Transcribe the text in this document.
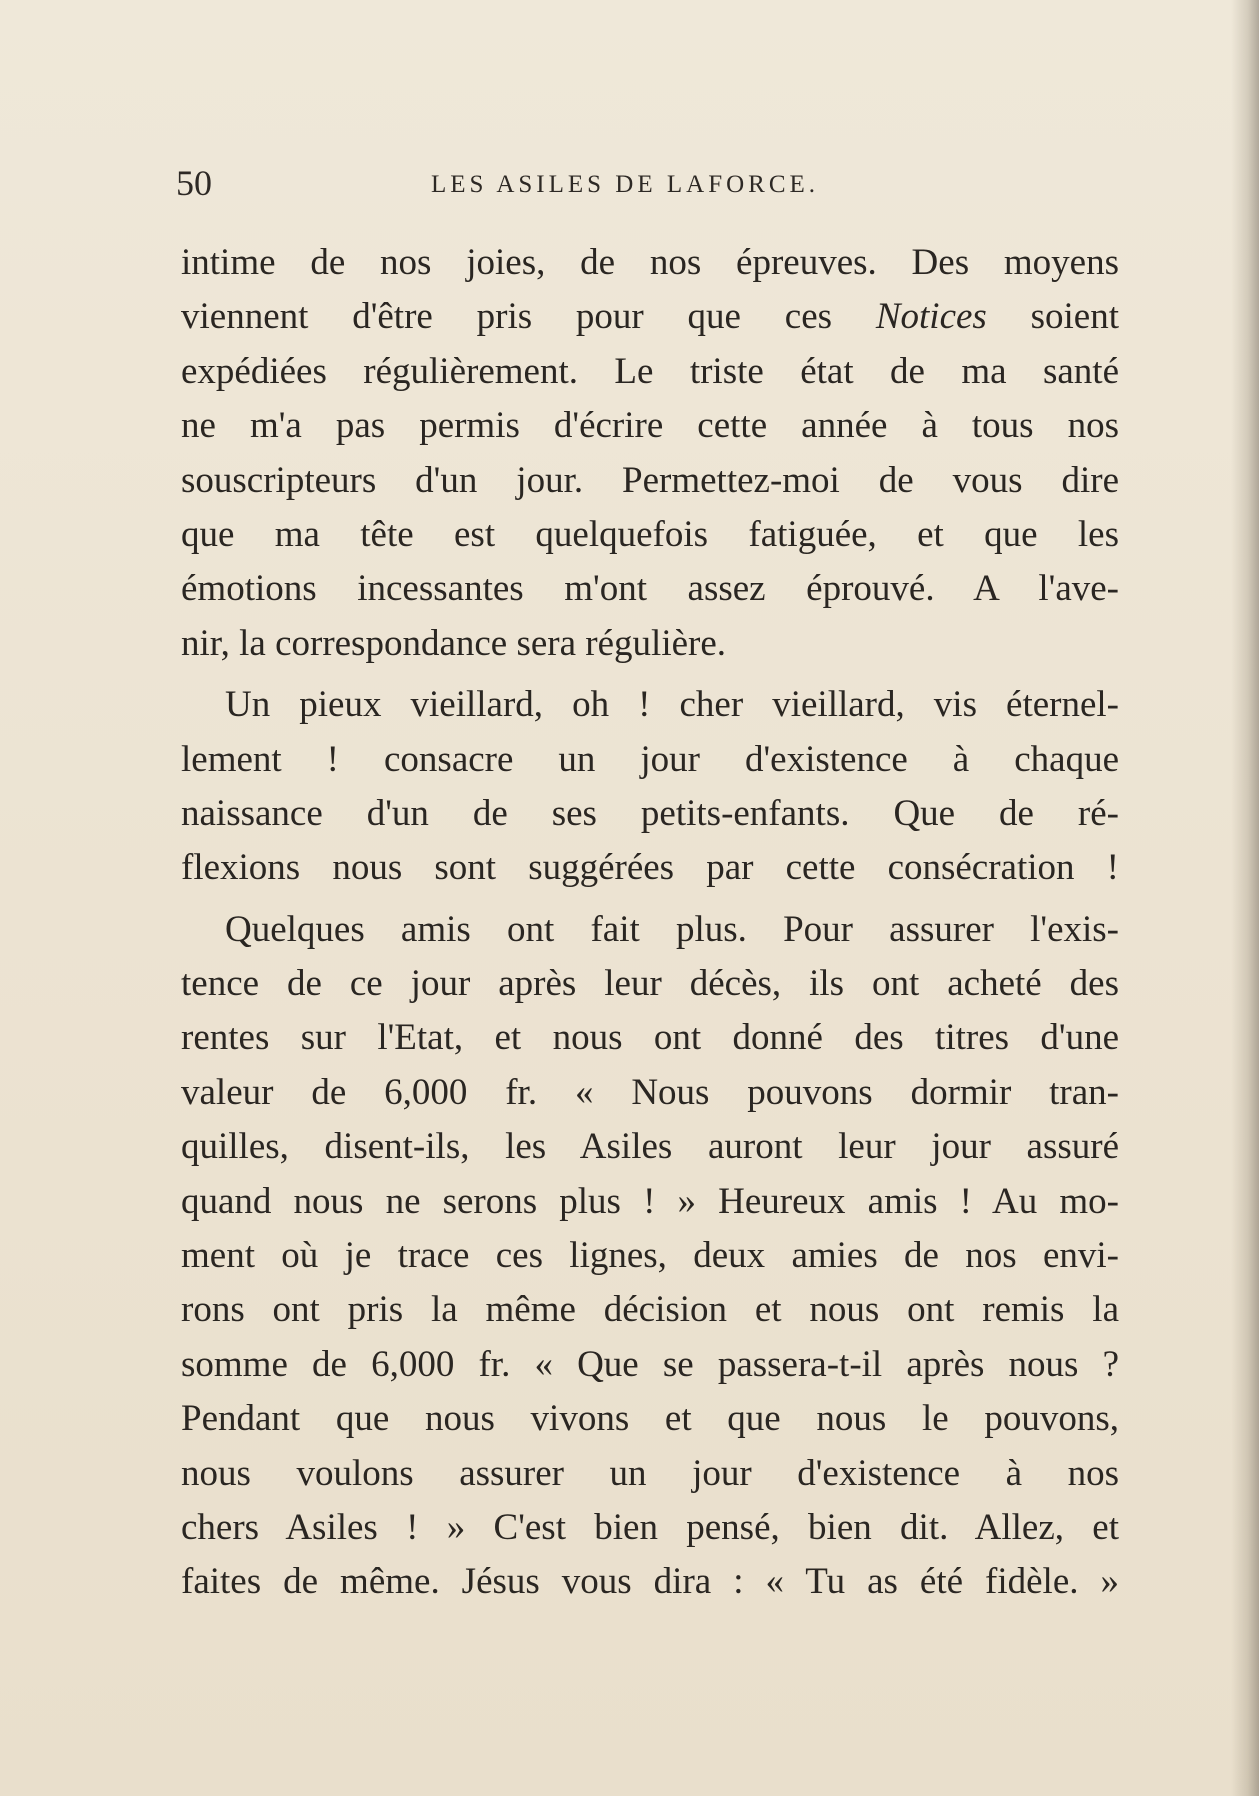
50	LES ASILES DE LAFORCE.
intime de nos joies, de nos épreuves. Des moyens
viennent d'être pris pour que ces Notices soient
expédiées régulièrement. Le triste état de ma santé
ne m'a pas permis d'écrire cette année à tous nos
souscripteurs d'un jour. Permettez-moi de vous dire
que ma tête est quelquefois fatiguée, et que les
émotions incessantes m'ont assez éprouvé. A l'ave-
nir, la correspondance sera régulière.
Un pieux vieillard, oh ! cher vieillard, vis éternel-
lement ! consacre un jour d'existence à chaque
naissance d'un de ses petits-enfants. Que de ré-
flexions nous sont suggérées par cette consécration !
Quelques amis ont fait plus. Pour assurer l'exis-
tence de ce jour après leur décès, ils ont acheté des
rentes sur l'Etat, et nous ont donné des titres d'une
valeur de 6,000 fr. « Nous pouvons dormir tran-
quilles, disent-ils, les Asiles auront leur jour assuré
quand nous ne serons plus ! » Heureux amis ! Au mo-
ment où je trace ces lignes, deux amies de nos envi-
rons ont pris la même décision et nous ont remis la
somme de 6,000 fr. « Que se passera-t-il après nous ?
Pendant que nous vivons et que nous le pouvons,
nous voulons assurer un jour d'existence à nos
chers Asiles ! » C'est bien pensé, bien dit. Allez, et
faites de même. Jésus vous dira : « Tu as été fidèle. »
